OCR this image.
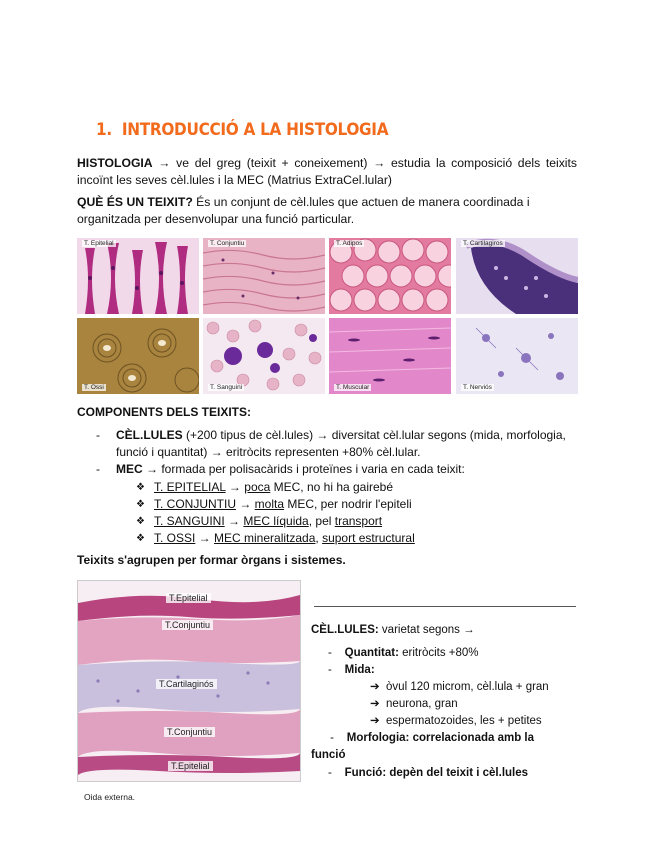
1. INTRODUCCIÓ A LA HISTOLOGIA

HISTOLOGIA → ve del greg (teixit + coneixement) → estudia la composició dels teixits incoïnt les seves cèl.lules i la MEC (Matrius ExtraCel.lular)

QUÈ ÉS UN TEIXIT? És un conjunt de cèl.lules que actuen de manera coordinada i organitzada per desenvolupar una funció particular.

T. Epitelial	T. Conjuntiu	T. Adipos	T. Cartilagiros
T. Ossi	T. Sanguini	T. Muscular	T. Nerviós
COMPONENTS DELS TEIXITS:
- CÈL.LULES (+200 tipus de cèl.lules) → diversitat cèl.lular segons (mida, morfologia, funció i quantitat) → eritròcits representen +80% cèl.lular.
- MEC → formada per polisacàrids i proteïnes i varia en cada teixit:
❖ T. EPITELIAL → poca MEC, no hi ha gairebé
❖ T. CONJUNTIU → molta MEC, per nodrir l'epiteli
❖ T. SANGUINI → MEC líquida, pel transport
❖ T. OSSI → MEC mineralitzada, suport estructural
Teixits s'agrupen per formar òrgans i sistemes.
T.Epitelial
T.Conjuntiu
T.Cartilaginós
T.Conjuntiu
T.Epitelial
Oida externa.
CÈL.LULES: varietat segons →
-    Quantitat: eritròcits +80%
-    Mida:
➔  òvul 120 microm, cèl.lula + gran
➔  neurona, gran
➔  espermatozoides, les + petites
-    Morfologia: correlacionada amb la funció
-    Funció: depèn del teixit i cèl.lules
